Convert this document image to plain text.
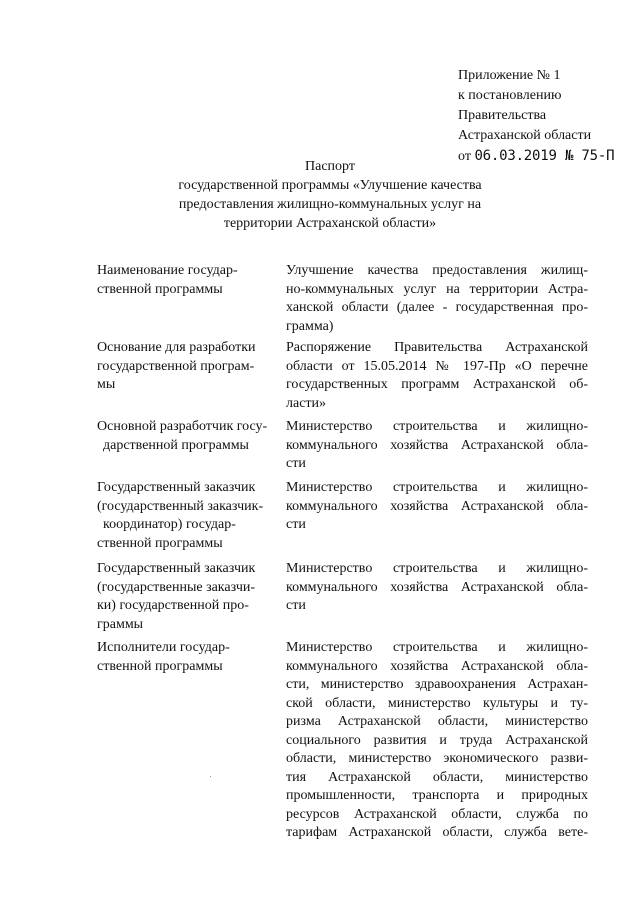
Приложение № 1
к постановлению
Правительства
Астраханской области
от 06.03.2019 № 75-П
Паспорт
государственной программы «Улучшение качества
предоставления жилищно-коммунальных услуг на
территории Астраханской области»
Наименование государ-
ственной программы
Улучшение качества предоставления жилищ-
но-коммунальных услуг на территории Астра-
ханской области (далее - государственная про-
грамма)
Основание для разработки
государственной програм-
мы
Распоряжение Правительства Астраханской
области от 15.05.2014 № 197-Пр «О перечне
государственных программ Астраханской об-
ласти»
Основной разработчик госу-
дарственной программы
Министерство строительства и жилищно-
коммунального хозяйства Астраханской обла-
сти
Государственный заказчик
(государственный заказчик-
координатор) государ-
ственной программы
Министерство строительства и жилищно-
коммунального хозяйства Астраханской обла-
сти
Государственный заказчик
(государственные заказчи-
ки) государственной про-
граммы
Министерство строительства и жилищно-
коммунального хозяйства Астраханской обла-
сти
Исполнители государ-
ственной программы
Министерство строительства и жилищно-
коммунального хозяйства Астраханской обла-
сти, министерство здравоохранения Астрахан-
ской области, министерство культуры и ту-
ризма Астраханской области, министерство
социального развития и труда Астраханской
области, министерство экономического разви-
тия Астраханской области, министерство
промышленности, транспорта и природных
ресурсов Астраханской области, служба по
тарифам Астраханской области, служба вете-
